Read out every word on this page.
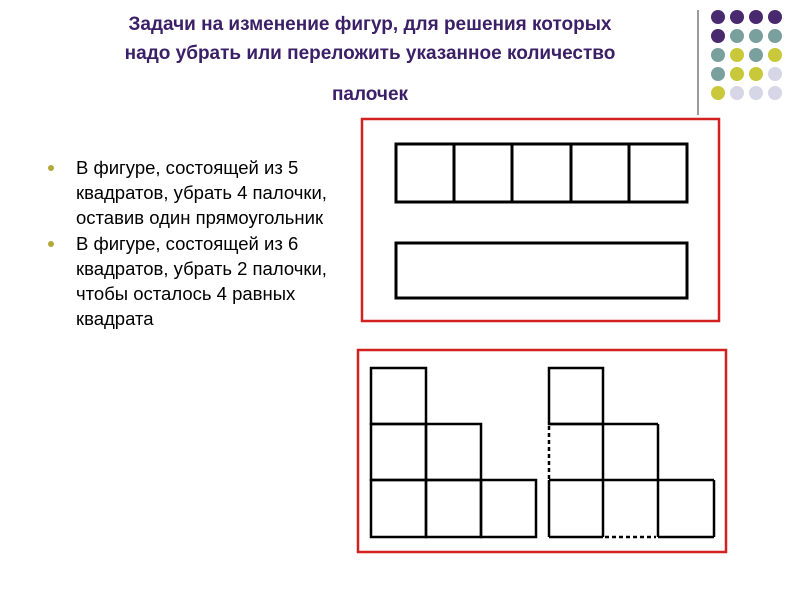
Задачи на изменение фигур, для решения которых
надо убрать или переложить указанное количество
палочек
В фигуре, состоящей из 5 квадратов, убрать 4 палочки, оставив один прямоугольник
В фигуре, состоящей из 6 квадратов, убрать 2 палочки, чтобы осталось 4 равных квадрата
